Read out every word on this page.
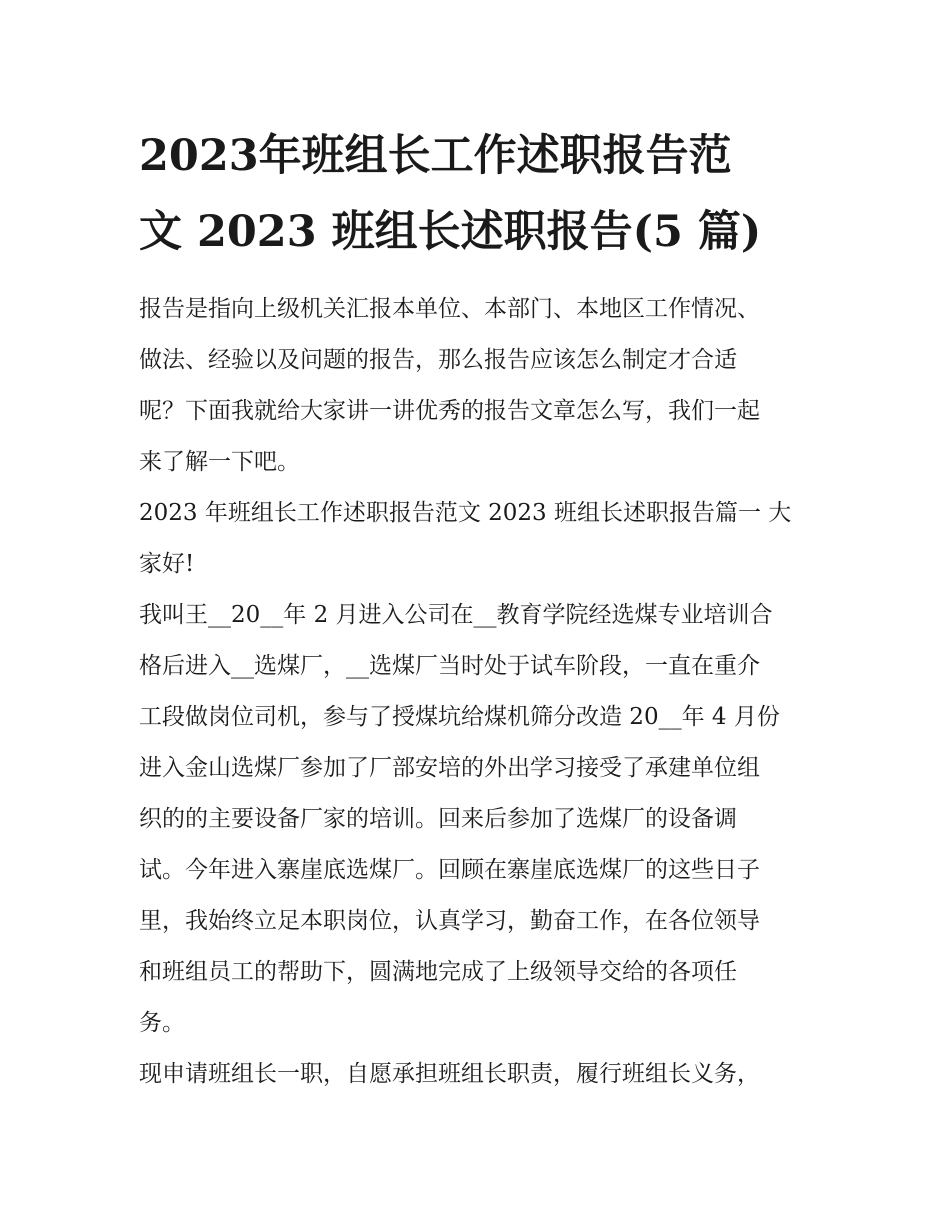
2023年班组长工作述职报告范
文 2023 班组长述职报告(5 篇)

报告是指向上级机关汇报本单位、本部门、本地区工作情况、
做法、经验以及问题的报告，那么报告应该怎么制定才合适
呢？下面我就给大家讲一讲优秀的报告文章怎么写，我们一起
来了解一下吧。

2023 年班组长工作述职报告范文 2023 班组长述职报告篇一 大
家好!

我叫王__20__年 2 月进入公司在__教育学院经选煤专业培训合
格后进入__选煤厂，__选煤厂当时处于试车阶段，一直在重介
工段做岗位司机，参与了授煤坑给煤机筛分改造 20__年 4 月份
进入金山选煤厂参加了厂部安培的外出学习接受了承建单位组
织的的主要设备厂家的培训。回来后参加了选煤厂的设备调
试。今年进入寨崖底选煤厂。回顾在寨崖底选煤厂的这些日子
里，我始终立足本职岗位，认真学习，勤奋工作，在各位领导
和班组员工的帮助下，圆满地完成了上级领导交给的各项任
务。

现申请班组长一职，自愿承担班组长职责，履行班组长义务，
